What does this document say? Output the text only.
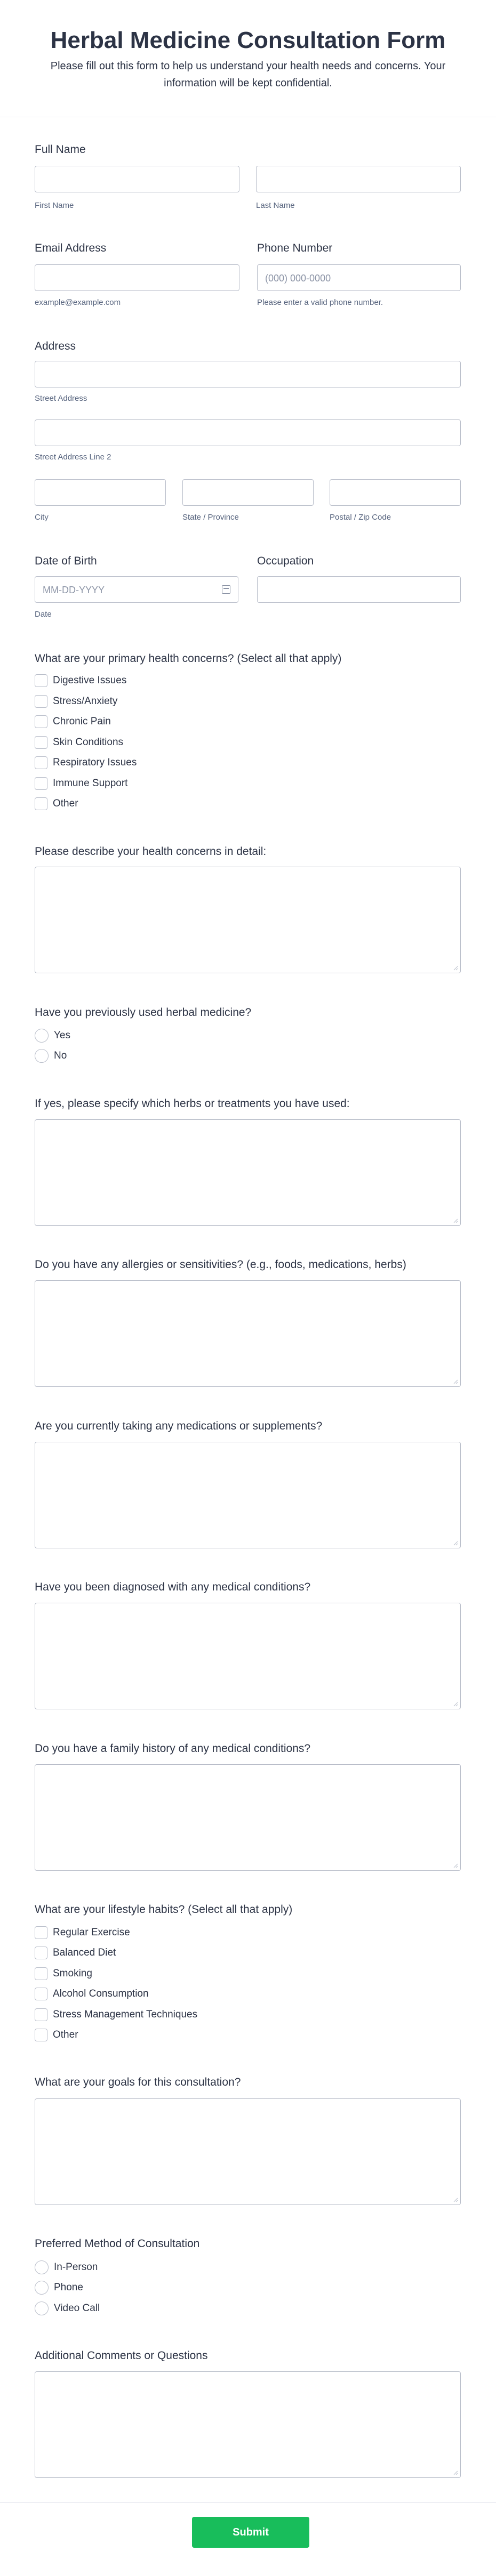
Herbal Medicine Consultation Form
Please fill out this form to help us understand your health needs and concerns. Your information will be kept confidential.
Full Name
First Name	Last Name
Email Address
example@example.com
Phone Number
(000) 000-0000
Please enter a valid phone number.
Address
Street Address
Street Address Line 2
City	State / Province	Postal / Zip Code
Date of Birth
MM-DD-YYYY
Date
Occupation
What are your primary health concerns? (Select all that apply)
Digestive Issues
Stress/Anxiety
Chronic Pain
Skin Conditions
Respiratory Issues
Immune Support
Other
Please describe your health concerns in detail:
Have you previously used herbal medicine?
Yes
No
If yes, please specify which herbs or treatments you have used:
Do you have any allergies or sensitivities? (e.g., foods, medications, herbs)
Are you currently taking any medications or supplements?
Have you been diagnosed with any medical conditions?
Do you have a family history of any medical conditions?
What are your lifestyle habits? (Select all that apply)
Regular Exercise
Balanced Diet
Smoking
Alcohol Consumption
Stress Management Techniques
Other
What are your goals for this consultation?
Preferred Method of Consultation
In-Person
Phone
Video Call
Additional Comments or Questions
Submit
